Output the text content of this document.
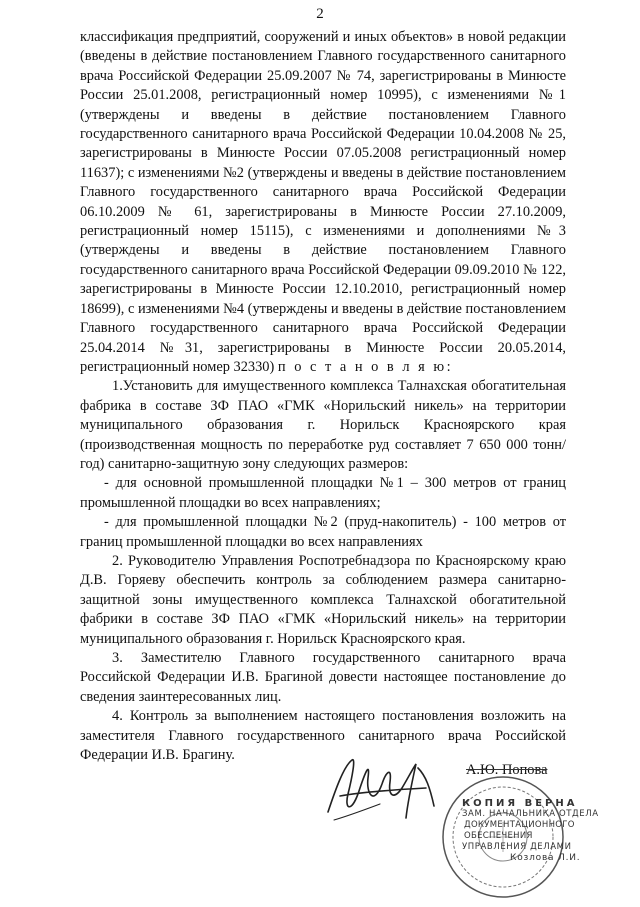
2

классификация предприятий, сооружений и иных объектов» в новой редакции (введены в действие постановлением Главного государственного санитарного врача Российской Федерации 25.09.2007 № 74, зарегистрированы в Минюсте России 25.01.2008, регистрационный номер 10995), с изменениями №1 (утверждены и введены в действие постановлением Главного государственного санитарного врача Российской Федерации 10.04.2008 № 25, зарегистрированы в Минюсте России 07.05.2008 регистрационный номер 11637); с изменениями №2 (утверждены и введены в действие постановлением Главного государственного санитарного врача Российской Федерации 06.10.2009 № 61, зарегистрированы в Минюсте России 27.10.2009, регистрационный номер 15115), с изменениями и дополнениями №3 (утверждены и введены в действие постановлением Главного государственного санитарного врача Российской Федерации 09.09.2010 № 122, зарегистрированы в Минюсте России 12.10.2010, регистрационный номер 18699), с изменениями №4 (утверждены и введены в действие постановлением Главного государственного санитарного врача Российской Федерации 25.04.2014 №31, зарегистрированы в Минюсте России 20.05.2014, регистрационный номер 32330) п о с т а н о в л я ю:

1.Установить для имущественного комплекса Талнахская обогатительная фабрика в составе ЗФ ПАО «ГМК «Норильский никель» на территории муниципального образования г. Норильск Красноярского края (производственная мощность по переработке руд составляет 7 650 000 тонн/год) санитарно-защитную зону следующих размеров:

- для основной промышленной площадки №1 – 300 метров от границ промышленной площадки во всех направлениях;

- для промышленной площадки №2 (пруд-накопитель) - 100 метров от границ промышленной площадки во всех направлениях

2. Руководителю Управления Роспотребнадзора по Красноярскому краю Д.В. Горяеву обеспечить контроль за соблюдением размера санитарно-защитной зоны имущественного комплекса Талнахской обогатительной фабрики в составе ЗФ ПАО «ГМК «Норильский никель» на территории муниципального образования г. Норильск Красноярского края.

3. Заместителю Главного государственного санитарного врача Российской Федерации И.В. Брагиной довести настоящее постановление до сведения заинтересованных лиц.

4. Контроль за выполнением настоящего постановления возложить на заместителя Главного государственного санитарного врача Российской Федерации И.В. Брагину.

А.Ю. Попова
КОПИЯ ВЕРНА
ЗАМ. НАЧАЛЬНИКА ОТДЕЛА
ДОКУМЕНТАЦИОННОГО ОБЕСПЕЧЕНИЯ
УПРАВЛЕНИЯ ДЕЛАМИ
Козлова Л.И.
